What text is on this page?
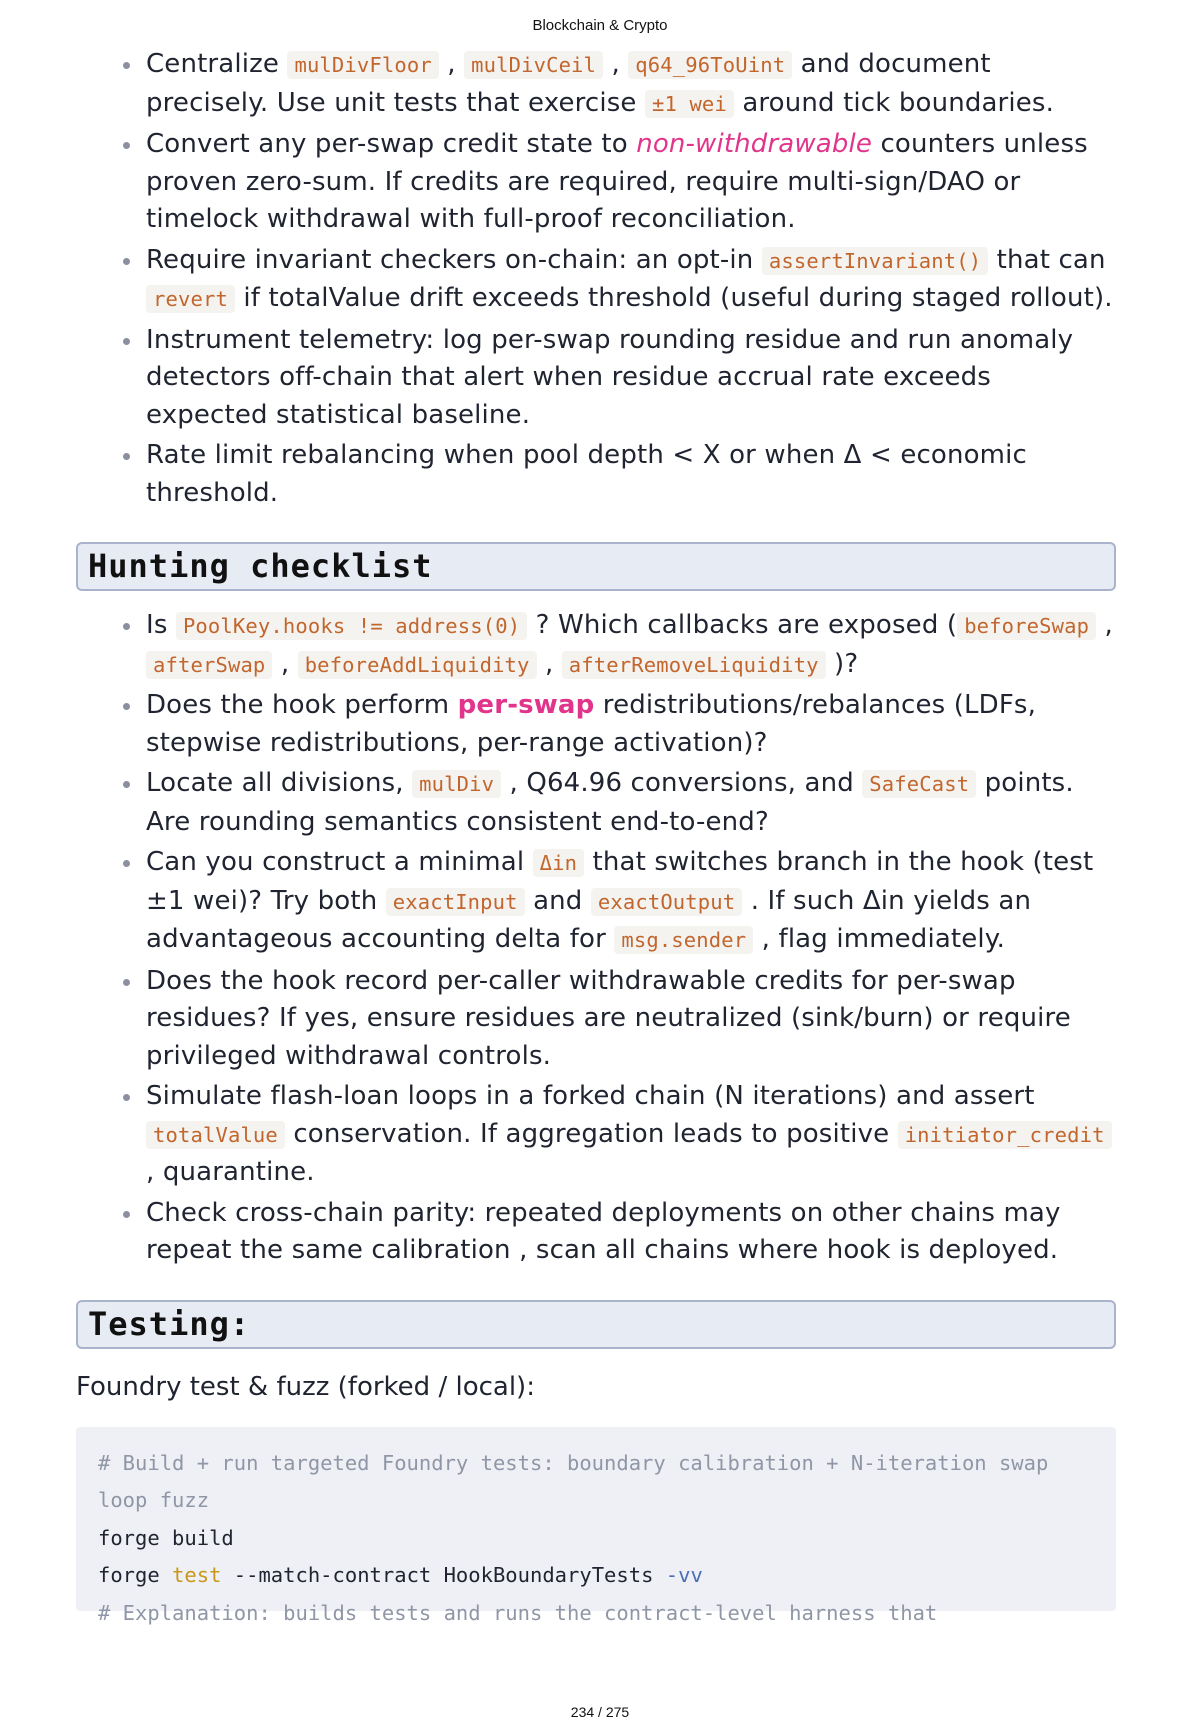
Blockchain & Crypto
Centralize mulDivFloor , mulDivCeil , q64_96ToUint and document precisely. Use unit tests that exercise ±1 wei around tick boundaries.
Convert any per-swap credit state to non-withdrawable counters unless proven zero-sum. If credits are required, require multi-sign/DAO or timelock withdrawal with full-proof reconciliation.
Require invariant checkers on-chain: an opt-in assertInvariant() that can revert if totalValue drift exceeds threshold (useful during staged rollout).
Instrument telemetry: log per-swap rounding residue and run anomaly detectors off-chain that alert when residue accrual rate exceeds expected statistical baseline.
Rate limit rebalancing when pool depth < X or when Δ < economic threshold.
Hunting checklist
Is PoolKey.hooks != address(0) ? Which callbacks are exposed ( beforeSwap , afterSwap , beforeAddLiquidity , afterRemoveLiquidity )?
Does the hook perform per-swap redistributions/rebalances (LDFs, stepwise redistributions, per-range activation)?
Locate all divisions, mulDiv , Q64.96 conversions, and SafeCast points. Are rounding semantics consistent end-to-end?
Can you construct a minimal Δin that switches branch in the hook (test ±1 wei)? Try both exactInput and exactOutput . If such Δin yields an advantageous accounting delta for msg.sender , flag immediately.
Does the hook record per-caller withdrawable credits for per-swap residues? If yes, ensure residues are neutralized (sink/burn) or require privileged withdrawal controls.
Simulate flash-loan loops in a forked chain (N iterations) and assert totalValue conservation. If aggregation leads to positive initiator_credit , quarantine.
Check cross-chain parity: repeated deployments on other chains may repeat the same calibration , scan all chains where hook is deployed.
Testing:

Foundry test & fuzz (forked / local):

# Build + run targeted Foundry tests: boundary calibration + N-iteration swap loop fuzz
forge build
forge test --match-contract HookBoundaryTests -vv
# Explanation: builds tests and runs the contract-level harness that
234 / 275
